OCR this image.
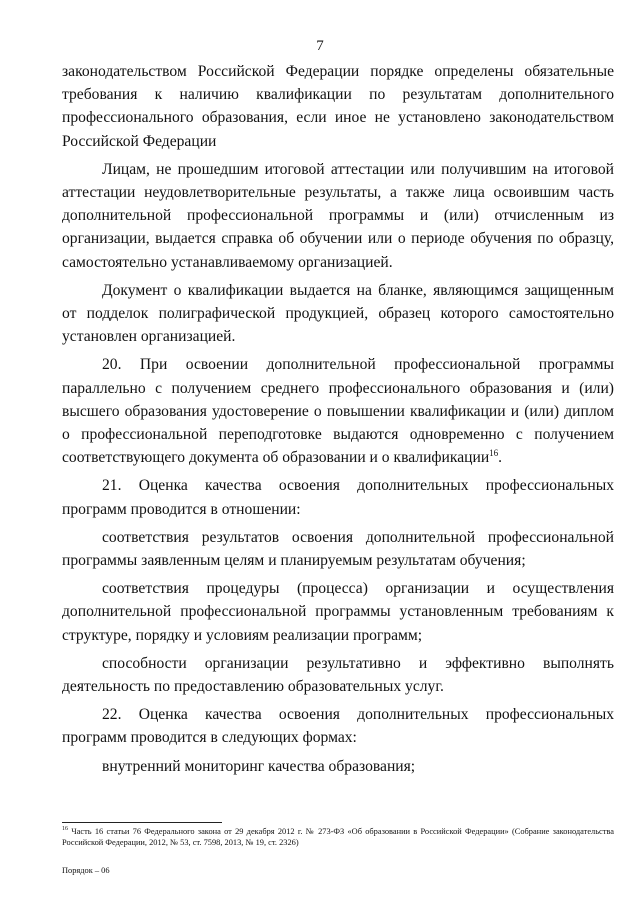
7

законодательством Российской Федерации порядке определены обязательные требования к наличию квалификации по результатам дополнительного профессионального образования, если иное не установлено законодательством Российской Федерации

Лицам, не прошедшим итоговой аттестации или получившим на итоговой аттестации неудовлетворительные результаты, а также лица освоившим часть дополнительной профессиональной программы и (или) отчисленным из организации, выдается справка об обучении или о периоде обучения по образцу, самостоятельно устанавливаемому организацией.

Документ о квалификации выдается на бланке, являющимся защищенным от подделок полиграфической продукцией, образец которого самостоятельно установлен организацией.

20. При освоении дополнительной профессиональной программы параллельно с получением среднего профессионального образования и (или) высшего образования удостоверение о повышении квалификации и (или) диплом о профессиональной переподготовке выдаются одновременно с получением соответствующего документа об образовании и о квалификации$^{16}$.

21. Оценка качества освоения дополнительных профессиональных программ проводится в отношении:

соответствия результатов освоения дополнительной профессиональной программы заявленным целям и планируемым результатам обучения;

соответствия процедуры (процесса) организации и осуществления дополнительной профессиональной программы установленным требованиям к структуре, порядку и условиям реализации программ;

способности организации результативно и эффективно выполнять деятельность по предоставлению образовательных услуг.

22. Оценка качества освоения дополнительных профессиональных программ проводится в следующих формах:

внутренний мониторинг качества образования;

$^{16}$ Часть 16 статьи 76 Федерального закона от 29 декабря 2012 г. № 273-ФЗ «Об образовании в Российской Федерации» (Собрание законодательства Российской Федерации, 2012, № 53, ст. 7598, 2013, № 19, ст. 2326)
Порядок – 06
